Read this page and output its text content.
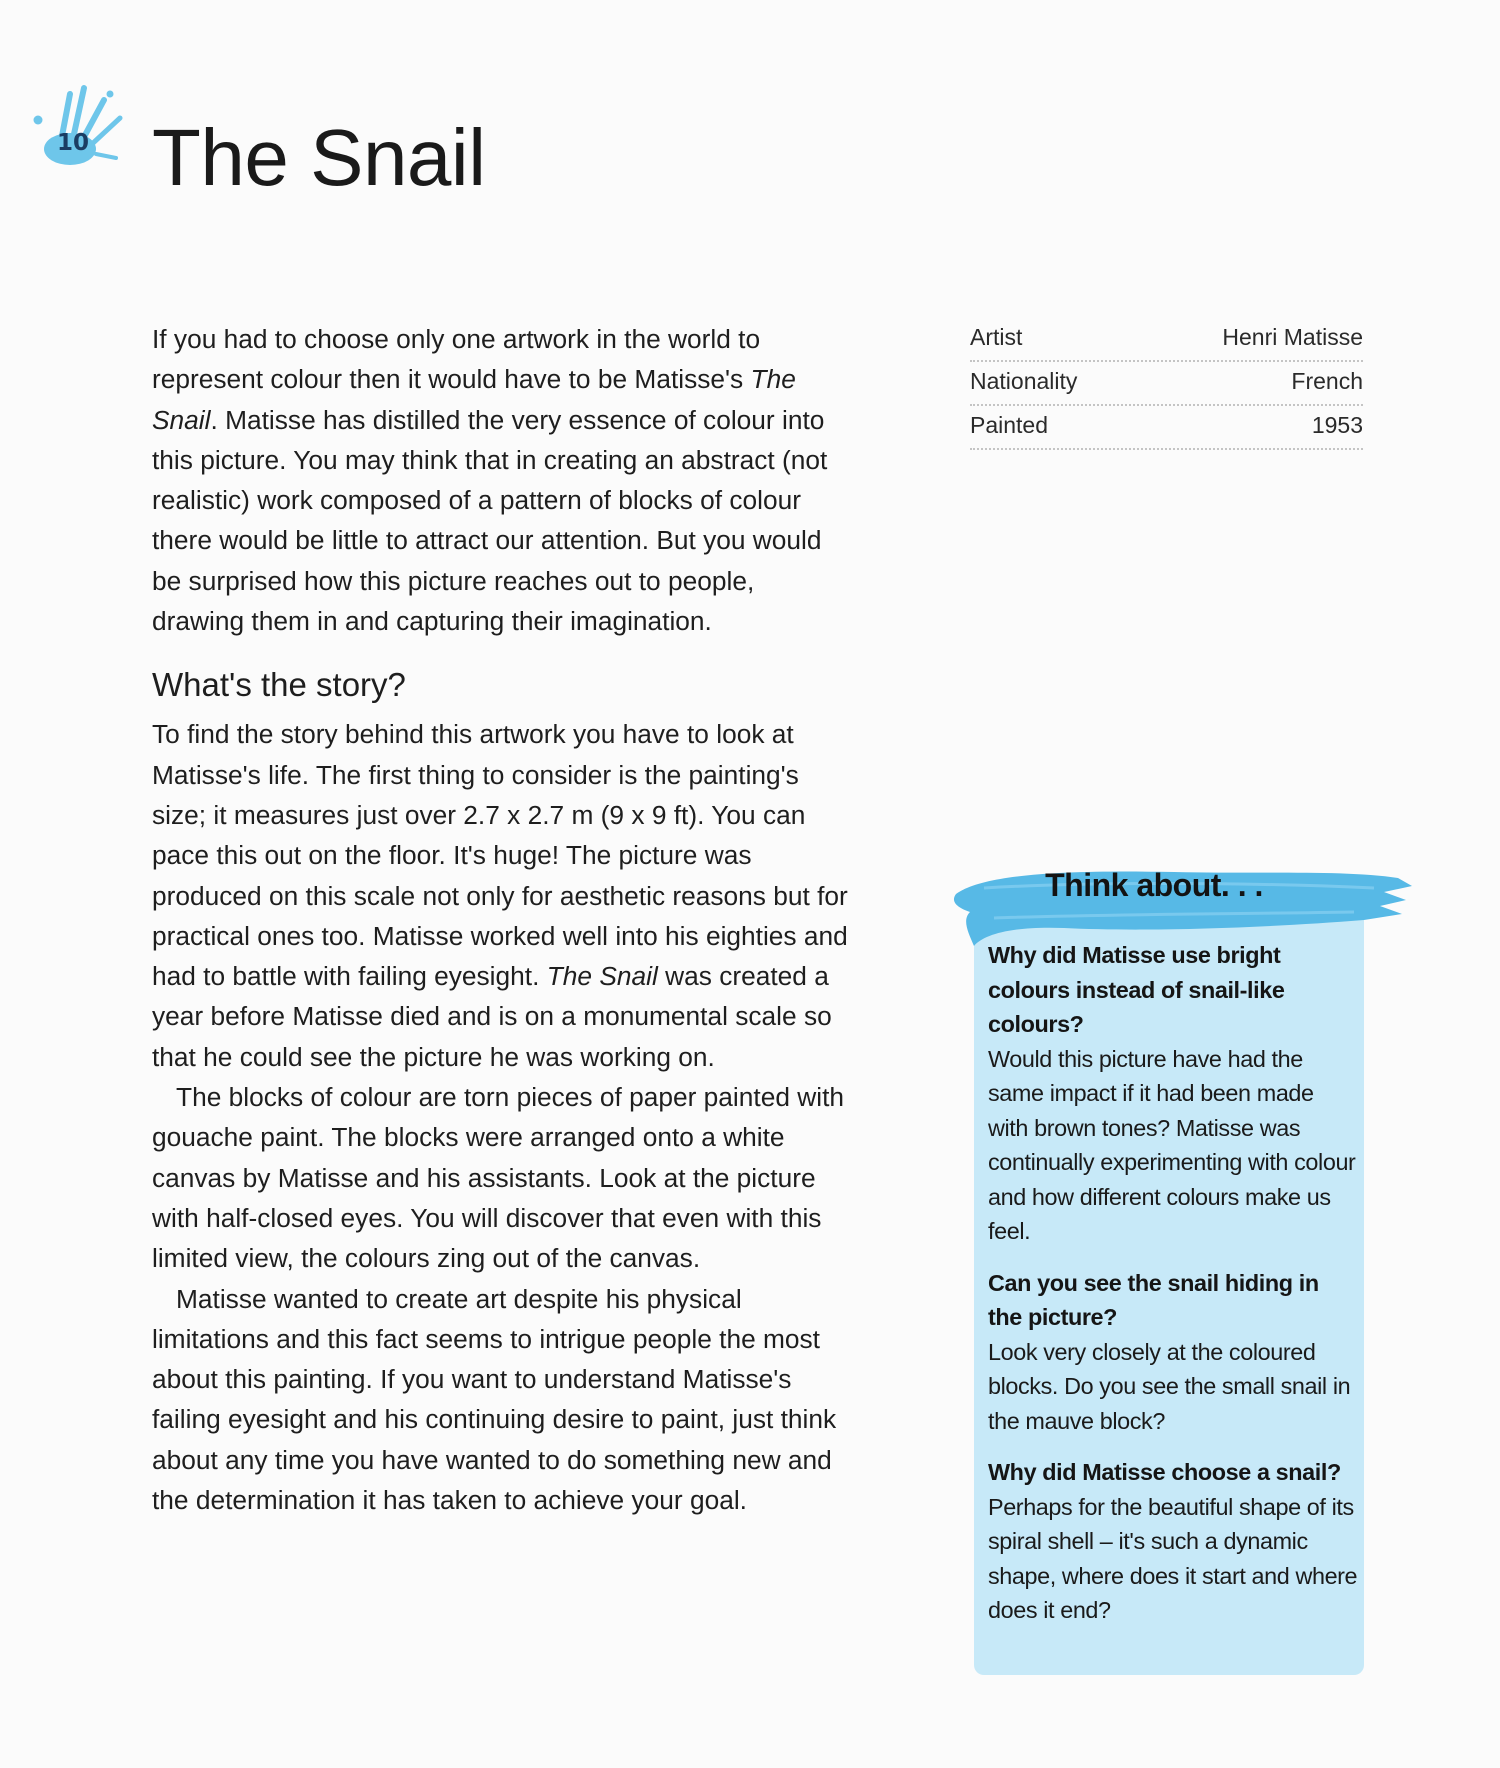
10 The Snail

If you had to choose only one artwork in the world to represent colour then it would have to be Matisse's The Snail. Matisse has distilled the very essence of colour into this picture. You may think that in creating an abstract (not realistic) work composed of a pattern of blocks of colour there would be little to attract our attention. But you would be surprised how this picture reaches out to people, drawing them in and capturing their imagination.

What's the story?

To find the story behind this artwork you have to look at Matisse's life. The first thing to consider is the painting's size; it measures just over 2.7 x 2.7 m (9 x 9 ft). You can pace this out on the floor. It's huge! The picture was produced on this scale not only for aesthetic reasons but for practical ones too. Matisse worked well into his eighties and had to battle with failing eyesight. The Snail was created a year before Matisse died and is on a monumental scale so that he could see the picture he was working on.

The blocks of colour are torn pieces of paper painted with gouache paint. The blocks were arranged onto a white canvas by Matisse and his assistants. Look at the picture with half-closed eyes. You will discover that even with this limited view, the colours zing out of the canvas.

Matisse wanted to create art despite his physical limitations and this fact seems to intrigue people the most about this painting. If you want to understand Matisse's failing eyesight and his continuing desire to paint, just think about any time you have wanted to do something new and the determination it has taken to achieve your goal.

Artist	Henri Matisse
Nationality	French
Painted	1953
Think about. . .

Why did Matisse use bright colours instead of snail-like colours?

Would this picture have had the same impact if it had been made with brown tones? Matisse was continually experimenting with colour and how different colours make us feel.

Can you see the snail hiding in the picture?

Look very closely at the coloured blocks. Do you see the small snail in the mauve block?

Why did Matisse choose a snail?

Perhaps for the beautiful shape of its spiral shell – it's such a dynamic shape, where does it start and where does it end?
